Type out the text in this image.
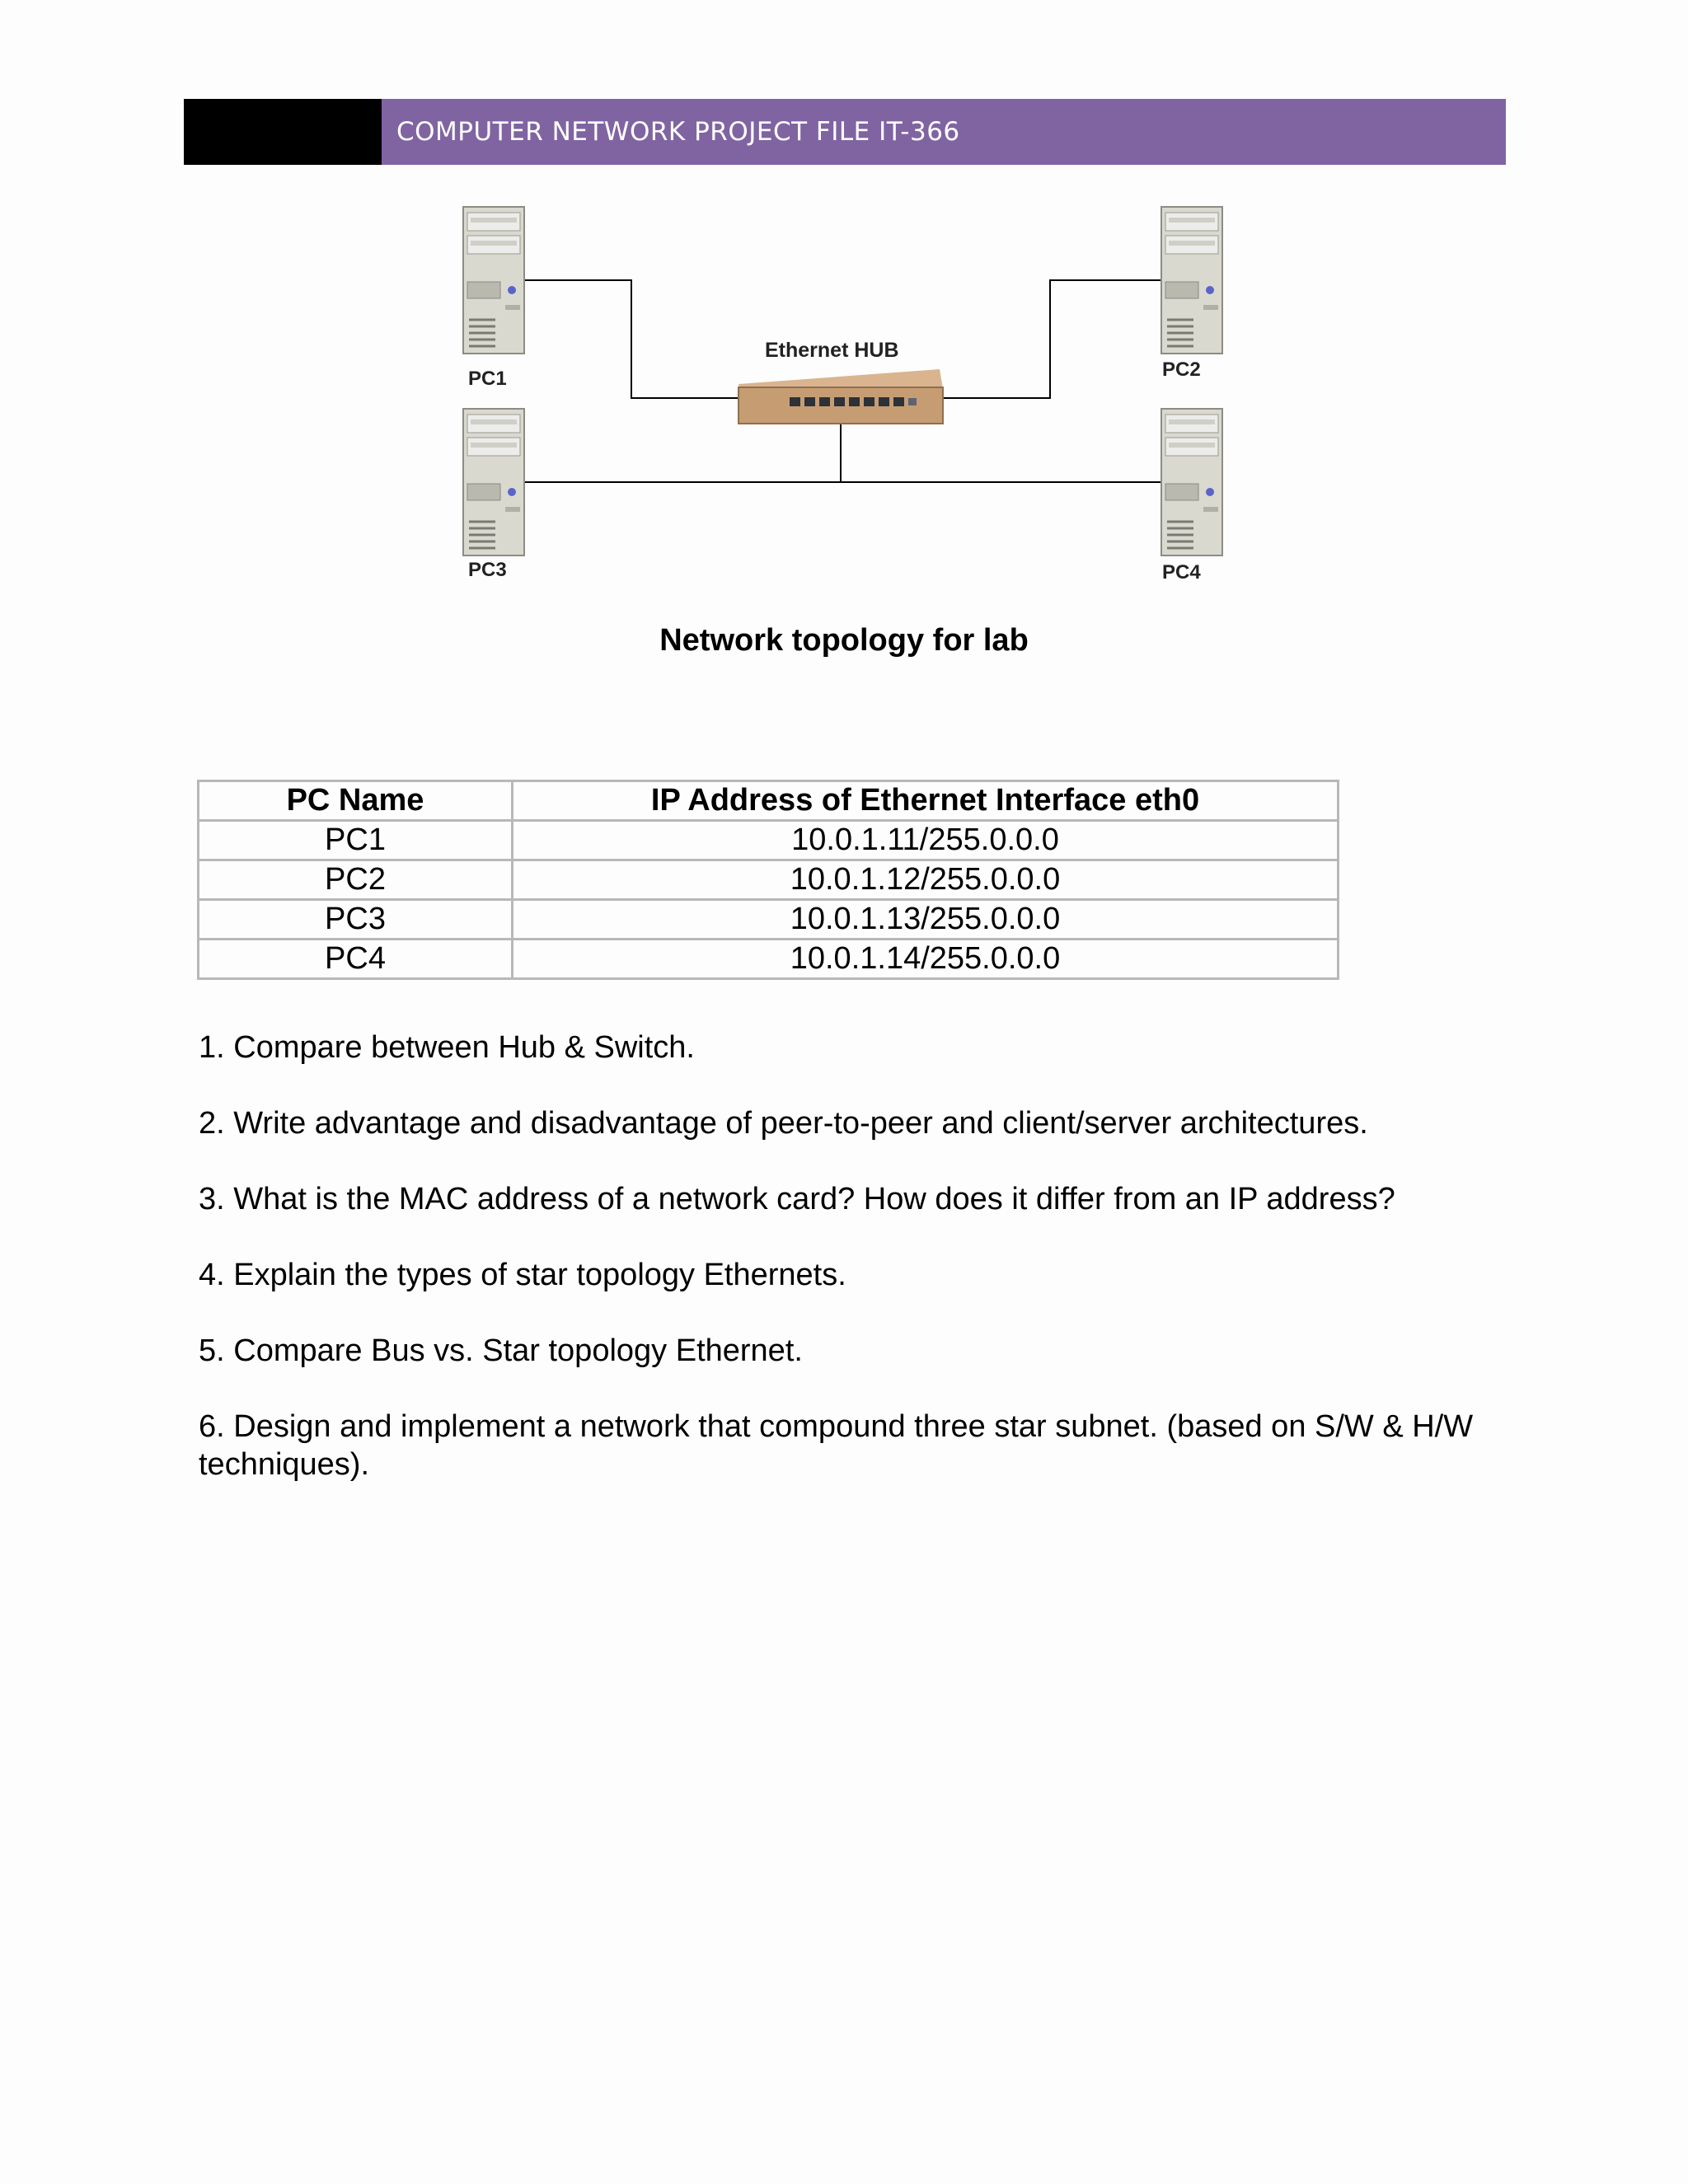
COMPUTER NETWORK PROJECT FILE IT-366
Ethernet HUB
PC1	PC2
PC3	PC4
Network topology for lab
PC Name	IP Address of Ethernet Interface eth0
PC1	10.0.1.11/255.0.0.0
PC2	10.0.1.12/255.0.0.0
PC3	10.0.1.13/255.0.0.0
PC4	10.0.1.14/255.0.0.0

1. Compare between Hub & Switch.

2. Write advantage and disadvantage of peer-to-peer and client/server architectures.

3. What is the MAC address of a network card? How does it differ from an IP address?

4. Explain the types of star topology Ethernets.

5. Compare Bus vs. Star topology Ethernet.

6. Design and implement a network that compound three star subnet. (based on S/W & H/W techniques).
